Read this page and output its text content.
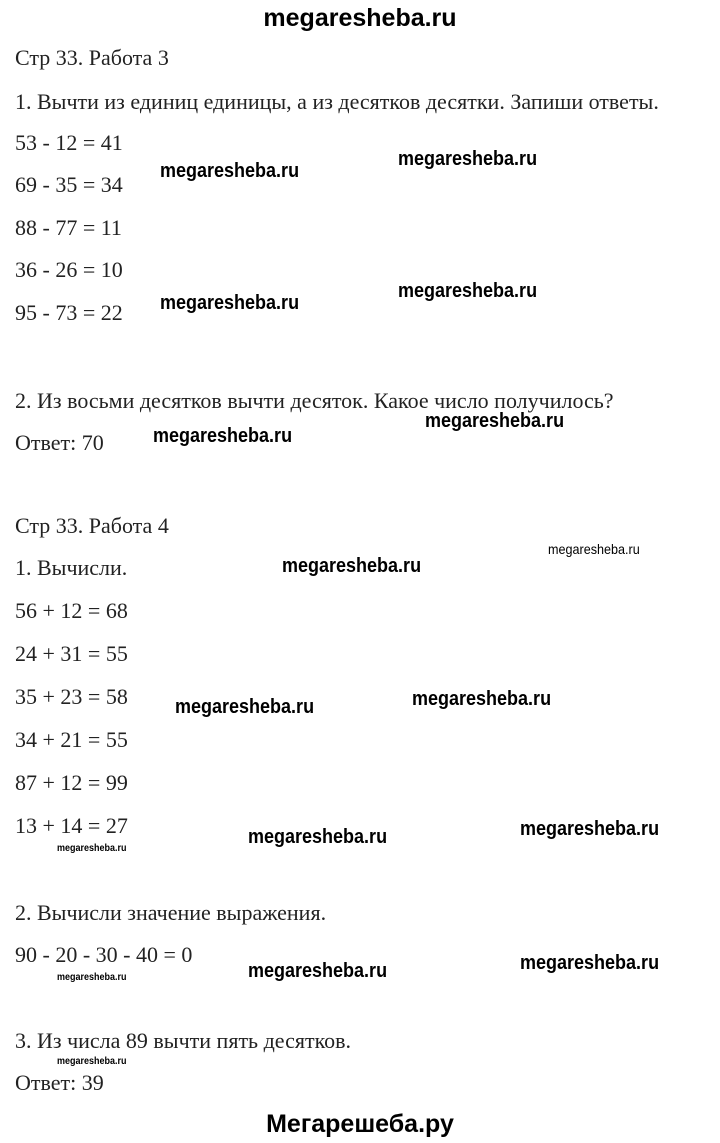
megaresheba.ru
Стр 33. Работа 3
1. Вычти из единиц единицы, а из десятков десятки. Запиши ответы.
53 - 12 = 41
69 - 35 = 34
88 - 77 = 11
36 - 26 = 10
95 - 73 = 22
2. Из восьми десятков вычти десяток. Какое число получилось?
Ответ: 70
Стр 33. Работа 4
1. Вычисли.
56 + 12 = 68
24 + 31 = 55
35 + 23 = 58
34 + 21 = 55
87 + 12 = 99
13 + 14 = 27
2. Вычисли значение выражения.
90 - 20 - 30 - 40 = 0
3. Из числа 89 вычти пять десятков.
Ответ: 39
megaresheba.ru
megaresheba.ru
megaresheba.ru
megaresheba.ru
megaresheba.ru
megaresheba.ru
megaresheba.ru
megaresheba.ru
megaresheba.ru	megaresheba.ru
megaresheba.ru
megaresheba.ru	megaresheba.ru
megaresheba.ru	megaresheba.ru
megaresheba.ru
megaresheba.ru
Мегарешеба.ру
